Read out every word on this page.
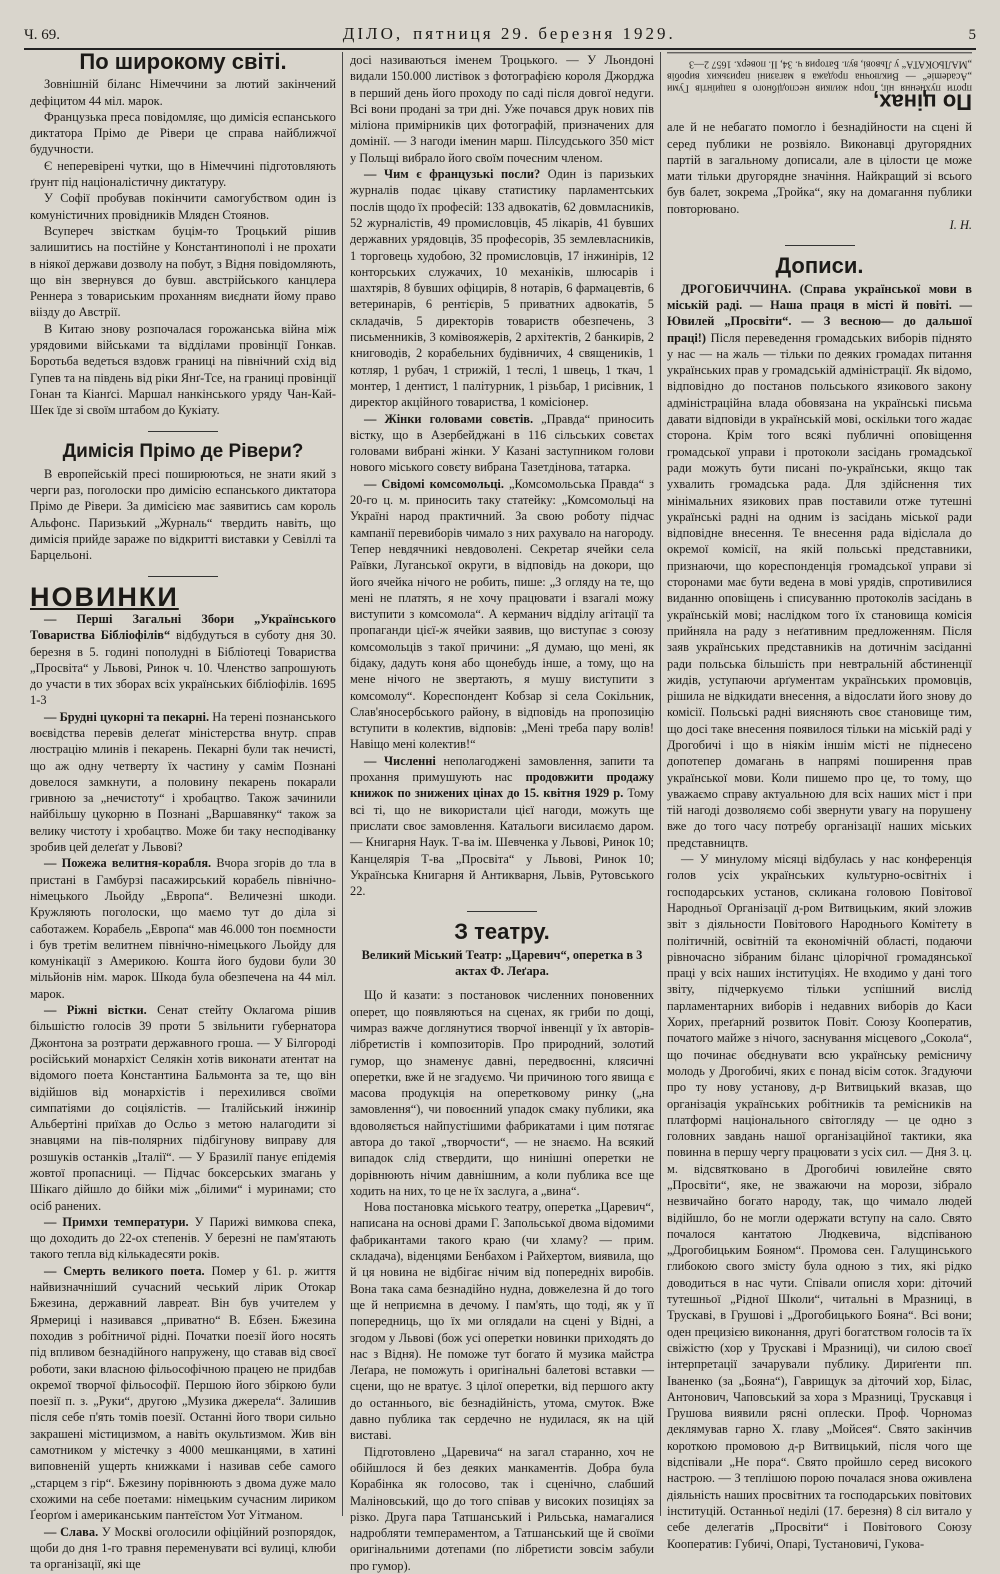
Ч. 69.	ДІЛО, пятниця 29. березня 1929.	5
По широкому світі.

Зовнішній біланс Німеччини за лютий закінчений дефіцитом 44 міл. марок.

Французька преса повідомляє, що димісія еспанського диктатора Прімо де Рівери це справа найближчої будучности.

Є неперевірені чутки, що в Німеччині підготовляють ґрунт під націоналістичну диктатуру.

У Софії пробував покінчити самогубством один із комуністичних провідників Млядєн Стоянов.

Всупереч звісткам буцім-то Троцький рішив залишитись на постійне у Константинополі і не прохати в ніякої держави дозволу на побут, з Відня повідомляють, що він звернувся до бувш. австрійського канцлера Реннера з товариським проханням виєднати йому право віізду до Австрії.

В Китаю знову розпочалася горожанська війна між урядовими військами та відділами провінції Гонкав. Боротьба ведеться вздовж границі на північний схід від Гупев та на південь від ріки Янґ-Тсе, на границі провінції Гонан та Кіанґсі. Маршал нанкінського уряду Чан-Кай-Шек їде зі своїм штабом до Кукіату.

Димісія Прімо де Рівери?

В европейській пресі поширюються, не знати який з черги раз, поголоски про димісію еспанського диктатора Прімо де Рівери. За димісією має заявитись сам король Альфонс. Паризький „Журналь“ твердить навіть, що димісія прийде зараже по відкритті виставки у Севіллі та Барцельоні.

НОВИНКИ

— Перші Загальні Збори „Українського Товариства Бібліофілів“ відбудуться в суботу дня 30. березня в 5. годині пополудні в Бібліотеці Товариства „Просвіта“ у Львові, Ринок ч. 10. Членство запрошують до участи в тих зборах всіх українських бібліофілів. 1695 1-3

— Брудні цукорні та пекарні. На терені познанського воєвідства перевів делеґат міністерства внутр. справ люстрацію млинів і пекарень. Пекарні були так нечисті, що аж одну четверту їх частину у самім Познані довелося замкнути, а половину пекарень покарали гривною за „нечистоту“ і хробацтво. Також зачинили найбільшу цукорню в Познані „Варшавянку“ також за велику чистоту і хробацтво. Може би таку несподіванку зробив цей делеґат у Львові?

— Пожежа велитня-корабля. Вчора згорів до тла в пристані в Гамбурзі пасажирський корабель північно-німецького Льойду „Европа“. Величезні шкоди. Кружляють поголоски, що маємо тут до діла зі саботажем. Корабель „Европа“ мав 46.000 тон поємности і був третім велитнем північно-німецького Льойду для комунікації з Америкою. Кошта його будови були 30 мільйонів нім. марок. Шкода була обезпечена на 44 міл. марок.

— Ріжні вістки. Сенат стейту Оклагома рішив більшістю голосів 39 проти 5 звільнити губернатора Джонтона за розтрати державного гроша. — У Білгороді російський монархіст Селякін хотів виконати атентат на відомого поета Константина Бальмонта за те, що він відійшов від монархістів і перехилився своїми симпатіями до соціялістів. — Італійський інжинір Альбертіні приїхав до Осльо з метою налагодити зі знавцями на пів-полярних підбігунову виправу для розшуків останків „Італії“. — У Бразилії панує епідемія жовтої пропасниці. — Підчас боксерських змагань у Шікаго дійшло до бійки між „білими“ і муринами; сто осіб ранених.

— Примхи температури. У Парижі вимкова спека, що доходить до 22-ох степенів. У березні не пам'ятають такого тепла від кількадесяти років.

— Смерть великого поета. Помер у 61. р. життя найвизначніший сучасний чеський лірик Отокар Бжезина, державний лавреат. Він був учителем у Ярмериці і називався „приватно“ В. Ебзен. Бжезина походив з робітничої ріднi. Початки поезії його носять під впливом безнадійного напружену, що ставав від своєї роботи, заки власною фільософічною працею не придбав окремої творчої фільософії. Першою його збіркою були поезії п. з. „Руки“, другою „Музика джерела“. Залишив після себе п'ять томів поезії. Останні його твори сильно закрашені містицизмом, а навіть окультизмом. Жив він самотником у містечку з 4000 мешканцями, в хатині виповненій ущерть книжками і називав себе самого „старцем з гір“. Бжезину порівнюють з двома дуже мало схожими на себе поетами: німецьким сучасним лириком Ґеорґом і американським пантеїстом Уот Уітманом.

— Слава. У Москві оголосили офіційний розпорядок, щоби до дня 1-го травня переменувати всі вулиці, клюби та організації, які ще

досі називаються іменем Троцького. — У Льондоні видали 150.000 листівок з фотографією короля Джорджа в перший день його проходу по саді після довгої недуги. Всі вони продані за три дні. Уже почався друк нових пів міліона примірників цих фотографій, призначених для домінії. — З нагоди іменин марш. Пілсудського 350 міст у Польщі вибрало його своїм почесним членом.

— Чим є французькі посли? Один із паризьких журналів подає цікаву статистику парламентських послів щодо їх професій: 133 адвокатів, 62 довмласників, 52 журналістів, 49 промисловців, 45 лікарів, 41 бувших державних урядовців, 35 професорів, 35 землевласників, 1 торговець худобою, 32 промисловців, 17 інжинірів, 12 конторських служачих, 10 механіків, шлюсарів і шахтярів, 8 бувших офіцирів, 8 нотарів, 6 фармацевтів, 6 ветеринарів, 6 рентієрів, 5 приватних адвокатів, 5 складачів, 5 директорів товариств обезпечень, 3 письменників, 3 комівояжерів, 2 архітектів, 2 банкирів, 2 книговодів, 2 корабельних будівничих, 4 священиків, 1 котляр, 1 рубач, 1 стрижій, 1 теслі, 1 швець, 1 ткач, 1 монтер, 1 дентист, 1 палітурник, 1 різьбар, 1 рисівник, 1 директор акційного товариства, 1 комісіонер.

— Жінки головами совєтів. „Правда“ приносить вістку, що в Азербейджані в 116 сільських совєтах головами вибрані жінки. У Казані заступником голови нового міського совєту вибрана Тазетдінова, татарка.

— Свідомі комсомольці. „Комсомольська Правда“ з 20-го ц. м. приносить таку статейку: „Комсомольці на Україні народ практичний. За свою роботу підчас кампанії перевиборів чимало з них рахувало на нагороду. Тепер невдячникі невдоволені. Секретар ячейки села Раївки, Луганської округи, в відповідь на докори, що його ячейка нічого не робить, пише: „З огляду на те, що мені не платять, я не хочу працювати і взагалі можу виступити з комсомола“. А керманич відділу агітації та пропаганди цієї-ж ячейки заявив, що виступає з союзу комсомольців з такої причини: „Я думаю, що мені, як бідаку, дадуть коня або щонебудь інше, а тому, що на мене нічого не звертають, я мушу виступити з комсомолу“. Кореспондент Кобзар зі села Сокільник, Слав'яносербського району, в відповідь на пропозицію вступити в колектив, відповів: „Мені треба пару волів! Навіщо мені колектив!“

— Численні неполагоджені замовлення, запити та прохання примушують нас продовжити продажу книжок по знижених цінах до 15. квітня 1929 р. Тому всі ті, що не використали цієї нагоди, можуть ще прислати своє замовлення. Катальоги висилаємо даром. — Книгарня Наук. Т-ва ім. Шевченка у Львові, Ринок 10; Канцелярія Т-ва „Просвіта“ у Львові, Ринок 10; Українська Книгарня й Антикварня, Львів, Рутовського 22.

З театру.
Великий Міський Театр: „Царевич“, оперетка в 3 актах Ф. Леґара.

Що й казати: з постановок численних поновенних оперет, що появляються на сценах, як гриби по дощі, чимраз важче доглянутися творчої інвенції у їх авторів-лібретистів і композиторів. Про природний, золотий гумор, що знаменує давні, передвоєнні, клясичні оперетки, вже й не згадуємо. Чи причиною того явища є масова продукція на оперетковому ринку („на замовлення“), чи повоєнний упадок смаку публики, яка вдоволяється найпустішими фабрикатами і цим потягає автора до такої „творчости“, — не знаємо. На всякий випадок слід ствердити, що нинішні оперетки не дорівнюють нічим давнішним, а коли публика все ще ходить на них, то це не їх заслуга, а „вина“.

Нова постановка міського театру, оперетка „Царевич“, написана на основі драми Г. Запольської двома відомими фабрикантами такого краю (чи хламу? — прим. складача), віденцями Бенбахом і Райхертом, виявила, що й ця новина не відбігає нічим від попередніх виробів. Вона така сама безнадійно нудна, довжелезна й до того ще й неприємна в дечому. І пам'ять, що тоді, як у її попередниць, що їх ми оглядали на сцені у Відні, а згодом у Львові (бож усі оперетки новинки приходять до нас з Відня). Не поможе тут богато й музика майстра Леґара, не поможуть і оригінальні балетові вставки — сцени, що не вратує. З цілої оперетки, від першого акту до останнього, віє безнадійність, утома, смуток. Вже давно публика так сердечно не нудилася, як на цій виставі.

Підготовлено „Царевича“ на загал старанно, хоч не обійшлося й без деяких манкаментів. Добра була Корабінка як голосово, так і сценічно, слабший Маліновський, що до того співав у високих позиціях за різко. Друга пара Татшанський і Рильська, намагалися надробляти темпераментом, а Татшанський ще й своїми оригінальними дотепами (по лібретисти зовсім забули про гумор).

По цінах,
проти пухнення ніг, порн жилкив несподібного в пациїнтів Гуми „Academie“ — Виключна продажа в магазині паризьких виробів „МАЛЬОКАТА“ у Львові, вул. Батория ч. 34, ІІ. поверх. 1657 2—3

але й не небагато помогло і безнадійности на сцені й серед публики не розвіяло. Виконавці другорядних партій в загальному дописали, але в цілости це може мати тільки другорядне значіння. Найкращий зі всього був балет, зокрема „Тройка“, яку на домагання публики повторювано.

І. Н.
Дописи.

ДРОГОБИЧЧИНА. (Справа української мови в міській раді. — Наша праця в місті й повіті. — Ювилей „Просвіти“. — З весною— до дальшої праці!) Після переведення громадських виборів піднято у нас — на жаль — тільки по деяких громадах питання українських прав у громадській адміністрації. Як відомо, відповідно до постанов польського язикового закону адміністраційна влада обовязана на українські письма давати відповіди в українській мові, оскільки того жадає сторона. Крім того всякі публичні оповіщення громадської управи і протоколи засідань громадської ради можуть бути писані по-українськи, якщо так ухвалить громадська рада. Для здійснення тих мінімальних язикових прав поставили отже тутешні українські радні на одним із засідань міської ради відповідне внесення. Те внесення рада відіслала до окремої комісії, на якій польські представники, признаючи, що кореспонденція громадської управи зі сторонами має бути ведена в мові урядів, спротивилися виданню оповіщень і списуванню протоколів засідань в українській мові; наслідком того їх становища комісія прийняла на раду з неґативним предложенням. Після заяв українських представників на дотичнім засіданні ради польська більшість при невтральній абстиненції жидів, уступаючи арґументам українських промовців, рішила не відкидати внесення, а відослати його знову до комісії. Польські радні виясняють своє становище тим, що досі таке внесення появилося тільки на міській раді у Дрогобичі і що в ніякім іншім місті не піднесено допотепер домагань в напрямі поширення прав української мови. Коли пишемо про це, то тому, що уважаємо справу актуальною для всіх наших міст і при тій нагоді дозволяємо собі звернути увагу на порушену вже до того часу потребу організації наших міських представництв.

— У минулому місяці відбулась у нас конференція голов усіх українських культурно-освітніх і господарських установ, скликана головою Повітової Народньої Організації д-ром Витвицьким, який зложив звіт з діяльности Повітового Народнього Комітету в політичній, освітній та економічній області, подаючи рівночасно зібраним біланс цілорічної громадянської праці у всіх наших інституціях. Не входимо у дані того звіту, підчеркуємо тільки успішний вислід парламентарних виборів і недавних виборів до Каси Хорих, преґарний розвиток Повіт. Союзу Кооператив, початого майже з нічого, заснування місцевого „Сокола“, що починає обєднувати всю українську ремісничу молодь у Дрогобичі, яких є понад вісім соток. Згадуючи про ту нову установу, д-р Витвицький вказав, що організація українських робітників та ремісників на платформі національного світогляду — це одно з головних завдань нашої організаційної тактики, яка повинна в першу чергу працювати з усіх сил. — Дня 3. ц. м. відсвятковано в Дрогобичі ювилейне свято „Просвіти“, яке, не зважаючи на морози, зібрало незвичайно богато народу, так, що чимало людей відійшло, бо не могли одержати вступу на сало. Свято почалося кантатою Людкевича, відспіваною „Дрогобицьким Бояном“. Промова сен. Галущинського глибокою свого змісту була одною з тих, які рідко доводиться в нас чути. Співали описля хори: діточий тутешньої „Рідної Школи“, читальні в Мразниці, в Трускаві, в Грушові і „Дрогобицького Бояна“. Всі вони; оден прецизією виконання, другі богатством голосів та їх свіжістю (хор у Трускаві і Мразниці), чи силою своєї інтерпретації зачарували публику. Дириґенти пп. Іваненко (за „Бояна“), Гаврищук за діточий хор, Білас, Антонович, Чаповський за хора з Мразниці, Трускавця і Грушова виявили рясні оплески. Проф. Чорномаз деклямував гарно Х. главу „Мойсея“. Свято закінчив короткою промовою д-р Витвицький, після чого ще відспівали „Не пора“. Свято пройшло серед високого настрою. — З теплішою порою почалася знова оживлена діяльність наших просвітних та господарських повітових інституцій. Останньої неділі (17. березня) 8 сіл витало у себе делегатів „Просвіти“ і Повітового Союзу Кооператив: Губичі, Опарі, Тустановичі, Гукова-
